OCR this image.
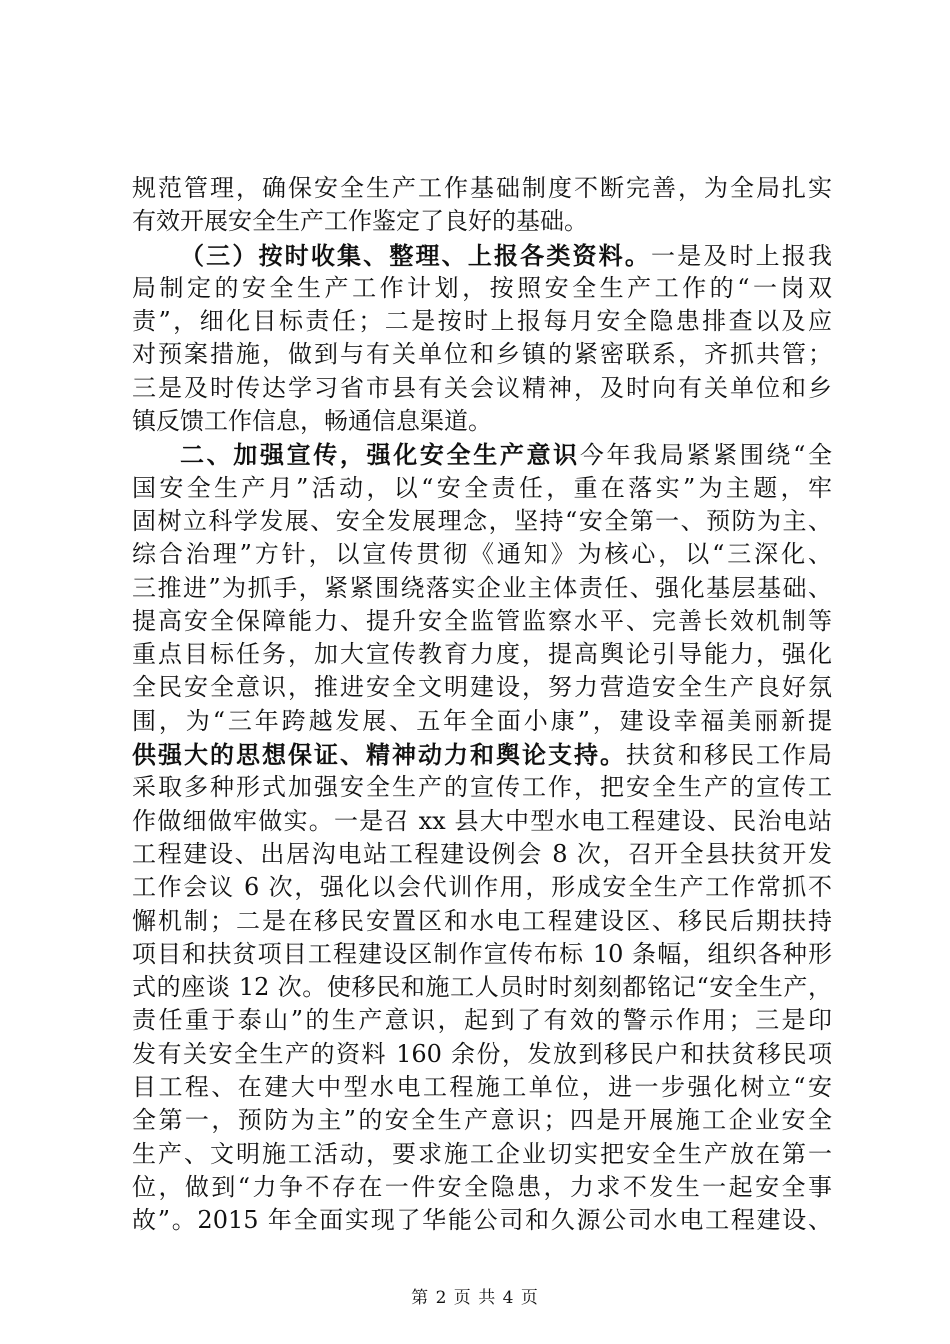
规范管理，确保安全生产工作基础制度不断完善，为全局扎实
有效开展安全生产工作鉴定了良好的基础。
（三）按时收集、整理、上报各类资料。一是及时上报我
局制定的安全生产工作计划，按照安全生产工作的“一岗双
责”，细化目标责任；二是按时上报每月安全隐患排查以及应
对预案措施，做到与有关单位和乡镇的紧密联系，齐抓共管；
三是及时传达学习省市县有关会议精神，及时向有关单位和乡
镇反馈工作信息，畅通信息渠道。
二、加强宣传，强化安全生产意识今年我局紧紧围绕“全
国安全生产月”活动，以“安全责任，重在落实”为主题，牢
固树立科学发展、安全发展理念，坚持“安全第一、预防为主、
综合治理”方针，以宣传贯彻《通知》为核心，以“三深化、
三推进”为抓手，紧紧围绕落实企业主体责任、强化基层基础、
提高安全保障能力、提升安全监管监察水平、完善长效机制等
重点目标任务，加大宣传教育力度，提高舆论引导能力，强化
全民安全意识，推进安全文明建设，努力营造安全生产良好氛
围，为“三年跨越发展、五年全面小康”，建设幸福美丽新提
供强大的思想保证、精神动力和舆论支持。扶贫和移民工作局
采取多种形式加强安全生产的宣传工作，把安全生产的宣传工
作做细做牢做实。一是召 xx 县大中型水电工程建设、民治电站
工程建设、出居沟电站工程建设例会 8 次，召开全县扶贫开发
工作会议 6 次，强化以会代训作用，形成安全生产工作常抓不
懈机制；二是在移民安置区和水电工程建设区、移民后期扶持
项目和扶贫项目工程建设区制作宣传布标 10 条幅，组织各种形
式的座谈 12 次。使移民和施工人员时时刻刻都铭记“安全生产，
责任重于泰山”的生产意识，起到了有效的警示作用；三是印
发有关安全生产的资料 160 余份，发放到移民户和扶贫移民项
目工程、在建大中型水电工程施工单位，进一步强化树立“安
全第一，预防为主”的安全生产意识；四是开展施工企业安全
生产、文明施工活动，要求施工企业切实把安全生产放在第一
位，做到“力争不存在一件安全隐患，力求不发生一起安全事
故”。2015 年全面实现了华能公司和久源公司水电工程建设、
第 2 页 共 4 页
